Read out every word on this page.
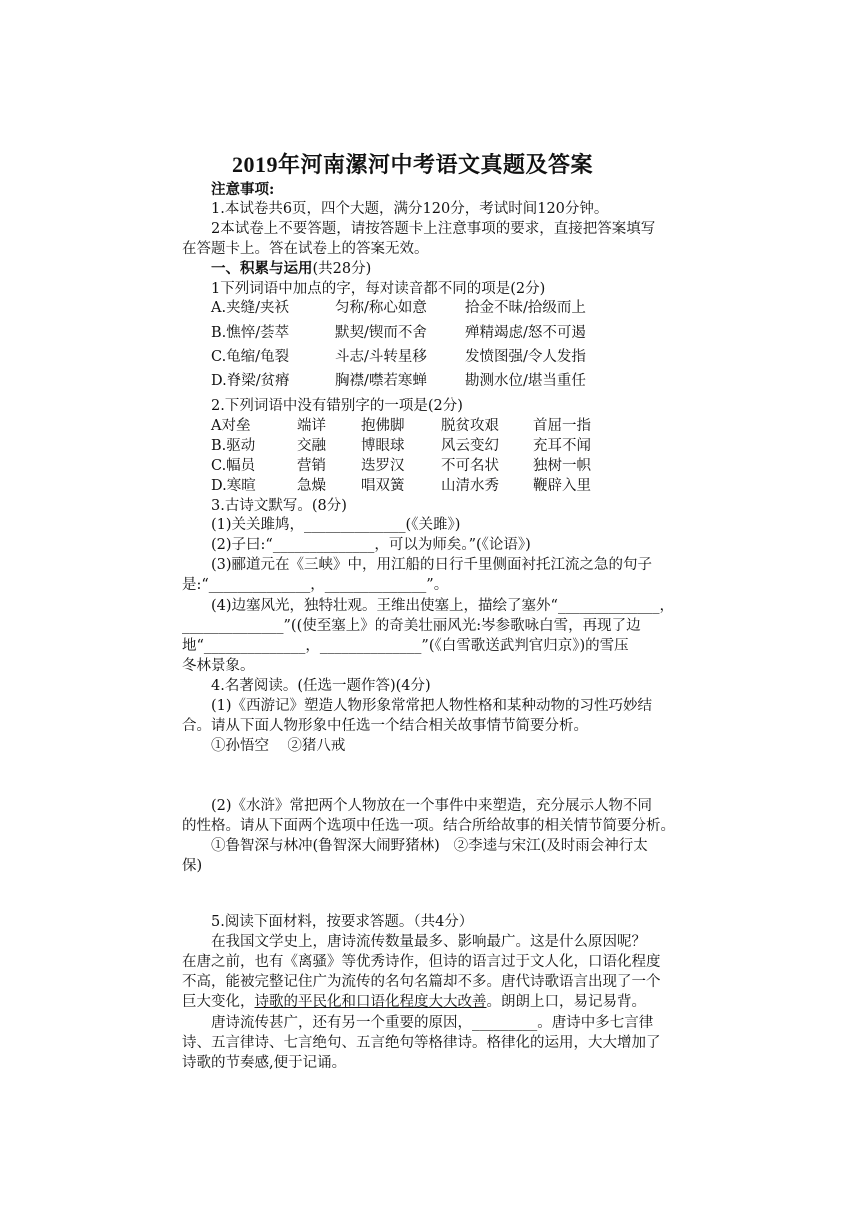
2019年河南漯河中考语文真题及答案
注意事项:
1.本试卷共6页，四个大题，满分120分，考试时间120分钟。
2本试卷上不要答题，请按答题卡上注意事项的要求，直接把答案填写
在答题卡上。答在试卷上的答案无效。
一、积累与运用(共28分)
1下列词语中加点的字，每对读音都不同的项是(2分)
A.夹缝/夹袄	匀称/称心如意	拾金不昧/拾级而上
B.憔悴/荟萃	默契/锲而不舍	殚精竭虑/怒不可遏
C.龟缩/龟裂	斗志/斗转星移	发愤图强/令人发指
D.脊梁/贫瘠	胸襟/噤若寒蝉	勘测水位/堪当重任
2.下列词语中没有错别字的一项是(2分)
A对垒	端详 抱佛脚	脱贫攻艰 首屈一指
B.驱动	交融 博眼球	风云变幻 充耳不闻
C.幅员	营销 迭罗汉	不可名状 独树一帜
D.寒暄	急燥 唱双簧	山清水秀 鞭辟入里
3.古诗文默写。(8分)
(1)关关雎鸠，______________(《关雎》)
(2)子曰:“______________，可以为师矣。”(《论语》)
(3)郦道元在《三峡》中，用江船的日行千里侧面衬托江流之急的句子
是:“______________，______________”。
(4)边塞风光，独特壮观。王维出使塞上，描绘了塞外“______________，
______________”((使至塞上》的奇美壮丽风光:岑参歌咏白雪，再现了边
地“______________，______________”(《白雪歌送武判官归京》)的雪压
冬林景象。
4.名著阅读。(任选一题作答)(4分)
(1)《西游记》塑造人物形象常常把人物性格和某种动物的习性巧妙结
合。请从下面人物形象中任选一个结合相关故事情节简要分析。
①孙悟空    ②猪八戒
(2)《水浒》常把两个人物放在一个事件中来塑造，充分展示人物不同
的性格。请从下面两个选项中任选一项。结合所给故事的相关情节简要分析。
①鲁智深与林冲(鲁智深大闹野猪林)   ②李逵与宋江(及时雨会神行太
保)
5.阅读下面材料，按要求答题。（共4分）
在我国文学史上，唐诗流传数量最多、影响最广。这是什么原因呢？
在唐之前，也有《离骚》等优秀诗作，但诗的语言过于文人化，口语化程度
不高，能被完整记住广为流传的名句名篇却不多。唐代诗歌语言出现了一个
巨大变化，诗歌的平民化和口语化程度大大改善。朗朗上口，易记易背。
唐诗流传甚广，还有另一个重要的原因，_________。唐诗中多七言律
诗、五言律诗、七言绝句、五言绝句等格律诗。格律化的运用，大大增加了
诗歌的节奏感,便于记诵。
